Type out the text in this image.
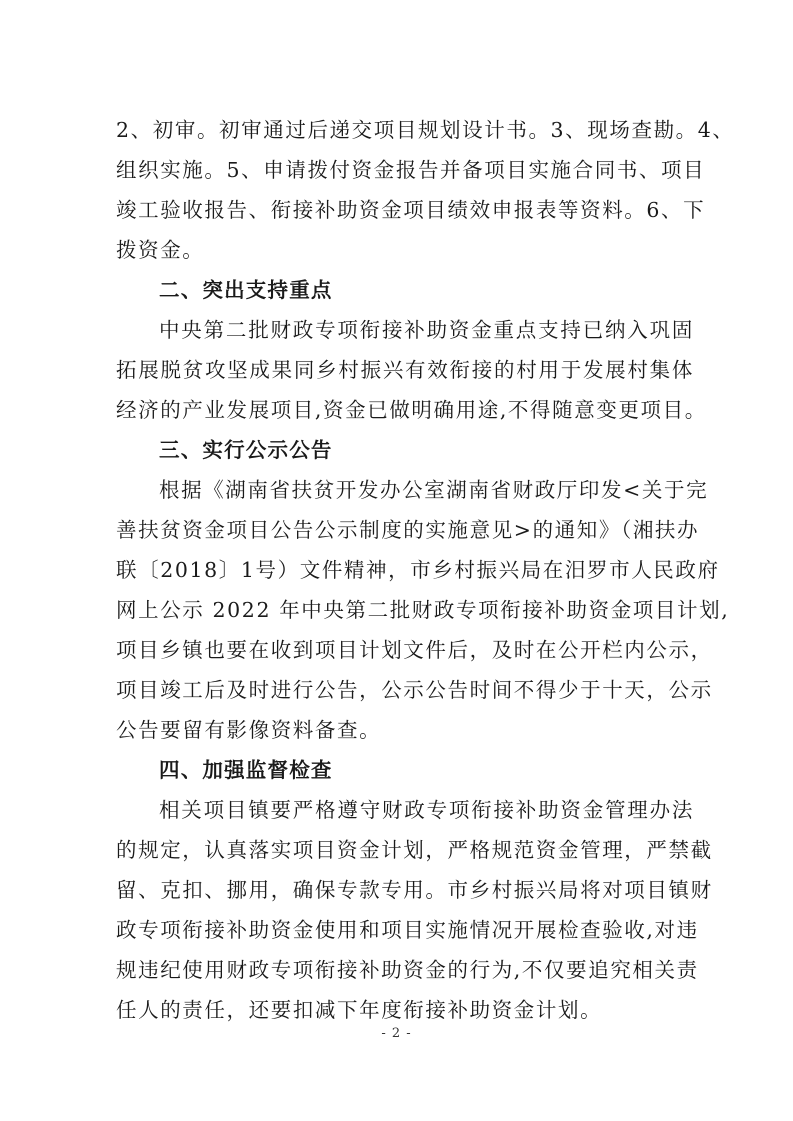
2、初审。初审通过后递交项目规划设计书。3、现场查勘。4、
组织实施。5、申请拨付资金报告并备项目实施合同书、项目
竣工验收报告、衔接补助资金项目绩效申报表等资料。6、下
拨资金。
二、突出支持重点
中央第二批财政专项衔接补助资金重点支持已纳入巩固
拓展脱贫攻坚成果同乡村振兴有效衔接的村用于发展村集体
经济的产业发展项目,资金已做明确用途,不得随意变更项目。
三、实行公示公告
根据《湖南省扶贫开发办公室湖南省财政厅印发<关于完
善扶贫资金项目公告公示制度的实施意见>的通知》（湘扶办
联〔2018〕1号）文件精神，市乡村振兴局在汨罗市人民政府
网上公示 2022 年中央第二批财政专项衔接补助资金项目计划,
项目乡镇也要在收到项目计划文件后，及时在公开栏内公示，
项目竣工后及时进行公告，公示公告时间不得少于十天，公示
公告要留有影像资料备查。
四、加强监督检查
相关项目镇要严格遵守财政专项衔接补助资金管理办法
的规定，认真落实项目资金计划，严格规范资金管理，严禁截
留、克扣、挪用，确保专款专用。市乡村振兴局将对项目镇财
政专项衔接补助资金使用和项目实施情况开展检查验收,对违
规违纪使用财政专项衔接补助资金的行为,不仅要追究相关责
任人的责任，还要扣减下年度衔接补助资金计划。
- 2 -
